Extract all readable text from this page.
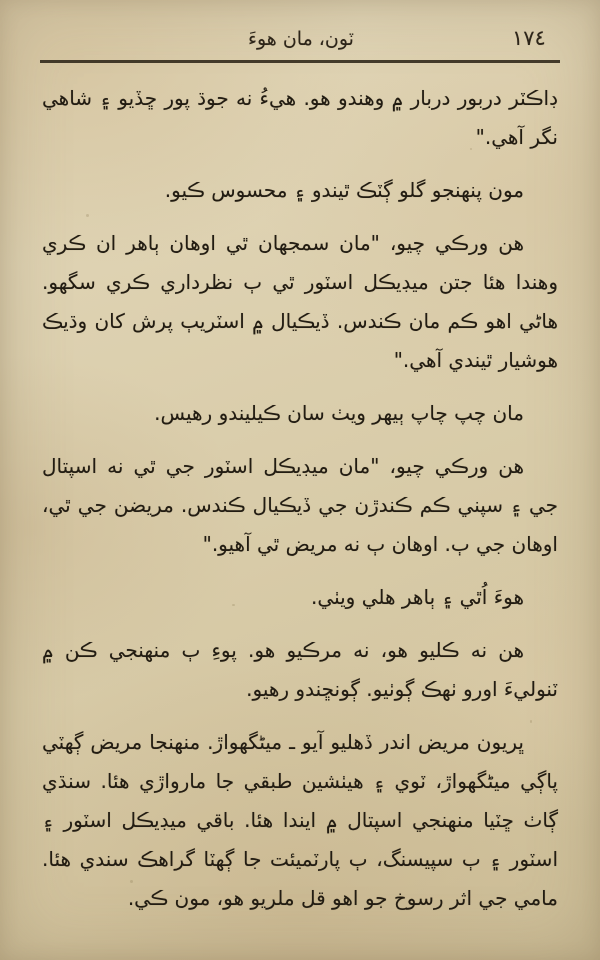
١٧٤
ٽون، مان هوءَ

ڊاڪٽر دربور دربار ۾ وهندو هو. هيءُ نه جوڌ پور ڇڏيو ۽ شاهي نگر آهي."

مون پنهنجو گلو ڳٽڪ ٿيندو ۽ محسوس ڪيو.

هن ورڪي چيو، "مان سمجهان ٿي اوهان ٻاهر ان ڪري وهندا هئا جتن ميڊيڪل اسٽور ٿي ٻ نظرداري ڪري سگهو. هاڻي اهو ڪم مان ڪندس. ڏيڪيال ۾ اسٽريٻ پرش کان وڌيڪ هوشيار ٿيندي آهي."

مان چپ چاپ ٻيهر ويٺ سان ڪيليندو رهيس.

هن ورڪي چيو، "مان ميڊيڪل اسٽور جي ٿي نه اسپتال جي ۽ سپني ڪم ڪندڙن جي ڏيڪيال ڪندس. مريضن جي ٿي، اوهان جي ٻ. اوهان ٻ نه مريض ٿي آهيو."

هوءَ اُٿي ۽ ٻاهر هلي ويٺي.

هن نه ڪليو هو، نه مرڪيو هو. پوءِ ٻ منهنجي ڪن ۾ ٽنوليءَ اورو ٺهڪ ڳوٺيو. ڳونڇندو رهيو.

ڀريون مريض اندر ڏهليو آيو ـ ميڻگهواڙ. منهنجا مريض ڳهٽي پاڳي ميڻگهواڙ، ٽوي ۽ هيٺشين طبقي جا مارواڙي هئا. سنڌي ڳاٺ ڇٽيا منهنجي اسپتال ۾ ايندا هئا. باقي ميڊيڪل اسٽور ۽ اسٽور ۽ ٻ سپيسنگ، ٻ پارٽميئت جا ڳهٽا گراهڪ سندي هئا. مامي جي اثر رسوخ جو اهو قل ملريو هو، مون ڪي.
